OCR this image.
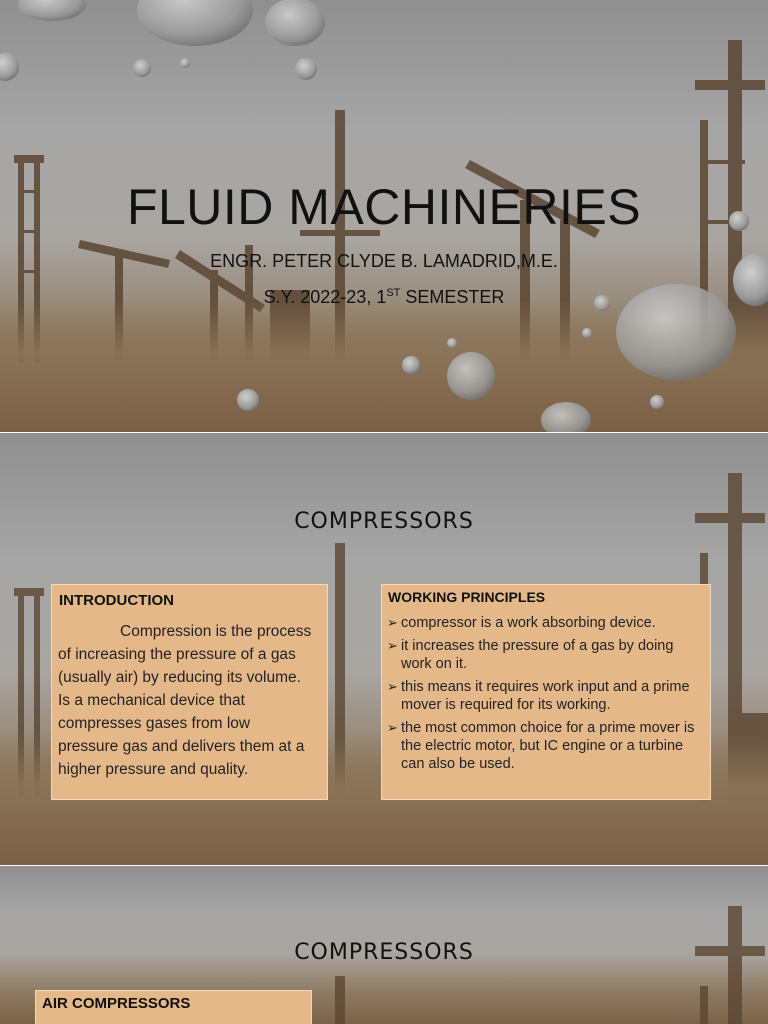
FLUID MACHINERIES
ENGR. PETER CLYDE B. LAMADRID,M.E.
S.Y. 2022-23, 1ST SEMESTER
COMPRESSORS
INTRODUCTION
Compression is the process
of increasing the pressure of a gas
(usually air) by reducing its volume.
Is a mechanical device that
compresses gases from low
pressure gas and delivers them at a
higher pressure and quality.
WORKING PRINCIPLES
➢ compressor is a work absorbing device.
➢ it increases the pressure of a gas by doing work on it.
➢ this means it requires work input and a prime mover is required for its working.
➢ the most common choice for a prime mover is the electric motor, but IC engine or a turbine can also be used.
COMPRESSORS
AIR COMPRESSORS
